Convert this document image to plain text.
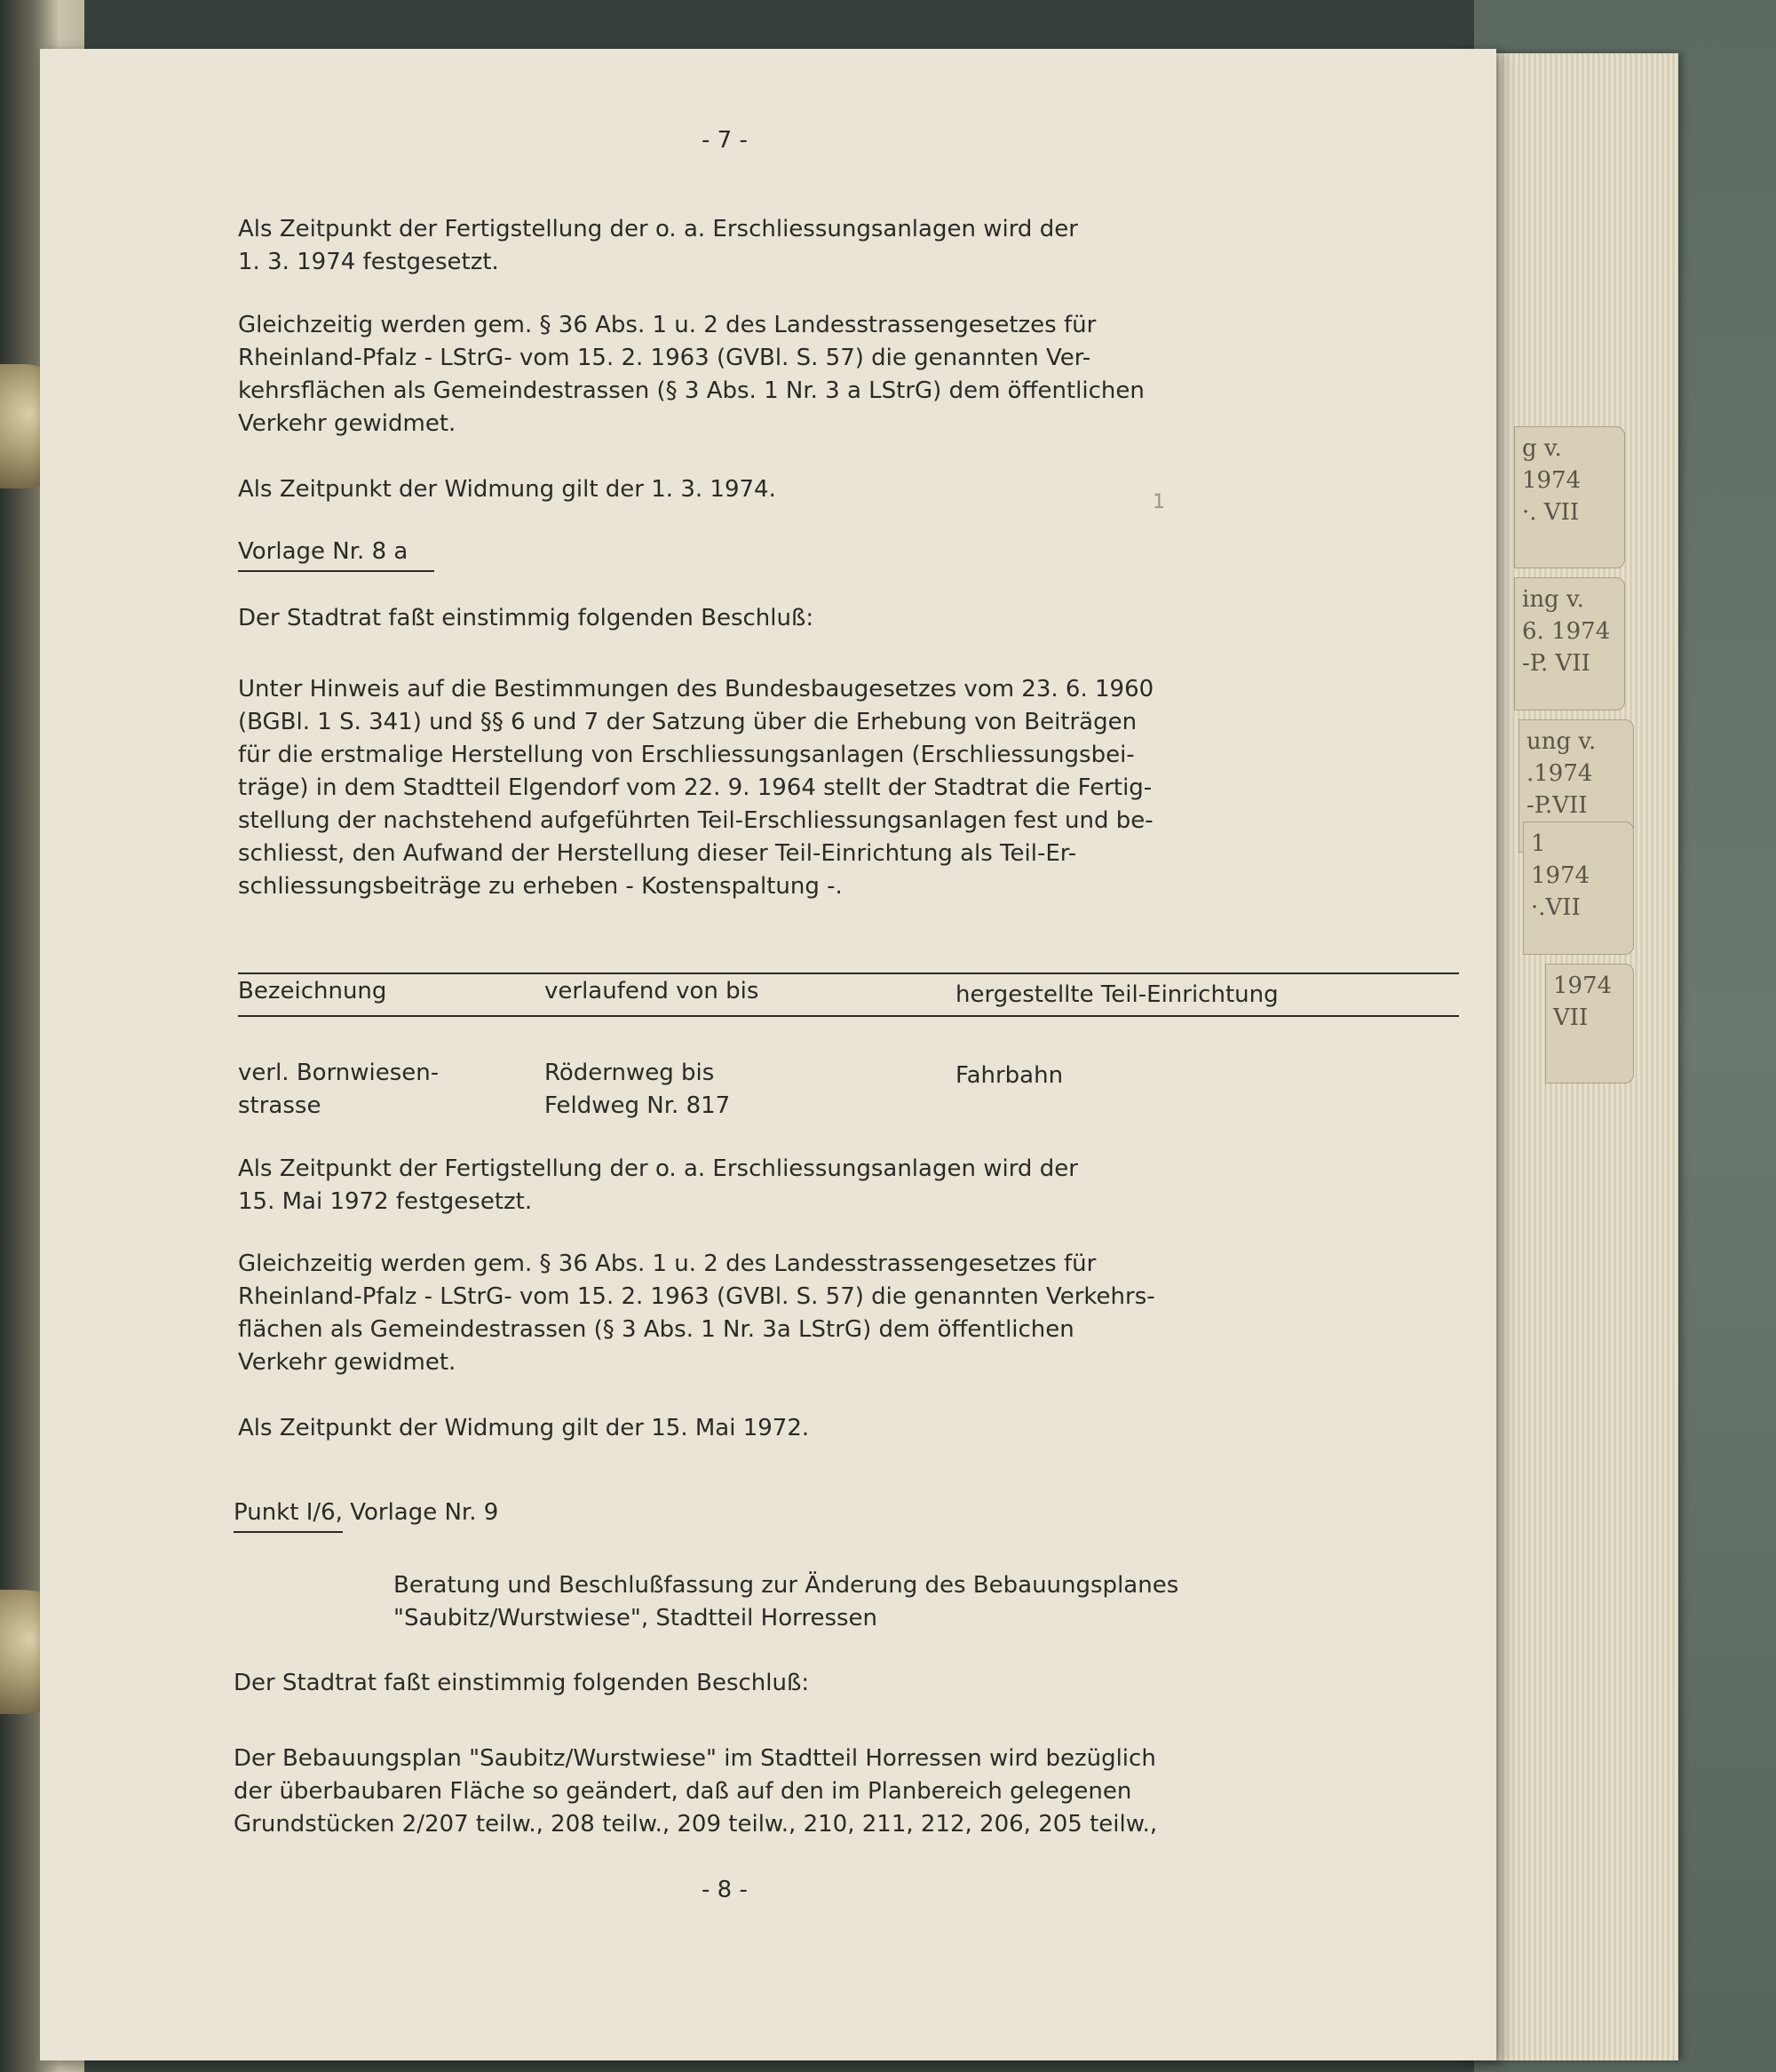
g v.
1974
·. VII
ing v.
6. 1974
-P. VII
ung v.
.1974
-P.VII
1
1974
·.VII
1974
VII
- 7 -

Als Zeitpunkt der Fertigstellung der o. a. Erschliessungsanlagen wird der
1. 3. 1974 festgesetzt.

Gleichzeitig werden gem. § 36 Abs. 1 u. 2 des Landesstrassengesetzes für
Rheinland-Pfalz - LStrG- vom 15. 2. 1963 (GVBl. S. 57) die genannten Ver-
kehrsflächen als Gemeindestrassen (§ 3 Abs. 1 Nr. 3 a LStrG) dem öffentlichen
Verkehr gewidmet.

Als Zeitpunkt der Widmung gilt der 1. 3. 1974.

Vorlage Nr. 8 a

Der Stadtrat faßt einstimmig folgenden Beschluß:

Unter Hinweis auf die Bestimmungen des Bundesbaugesetzes vom 23. 6. 1960
(BGBl. 1 S. 341) und §§ 6 und 7 der Satzung über die Erhebung von Beiträgen
für die erstmalige Herstellung von Erschliessungsanlagen (Erschliessungsbei-
träge) in dem Stadtteil Elgendorf vom 22. 9. 1964 stellt der Stadtrat die Fertig-
stellung der nachstehend aufgeführten Teil-Erschliessungsanlagen fest und be-
schliesst, den Aufwand der Herstellung dieser Teil-Einrichtung als Teil-Er-
schliessungsbeiträge zu erheben - Kostenspaltung -.

Bezeichnung	verlaufend von bis	hergestellte Teil-Einrichtung
verl. Bornwiesen-
strasse
Rödernweg bis
Feldweg Nr. 817
Fahrbahn

Als Zeitpunkt der Fertigstellung der o. a. Erschliessungsanlagen wird der
15. Mai 1972 festgesetzt.

Gleichzeitig werden gem. § 36 Abs. 1 u. 2 des Landesstrassengesetzes für
Rheinland-Pfalz - LStrG- vom 15. 2. 1963 (GVBl. S. 57) die genannten Verkehrs-
flächen als Gemeindestrassen (§ 3 Abs. 1 Nr. 3a LStrG) dem öffentlichen
Verkehr gewidmet.

Als Zeitpunkt der Widmung gilt der 15. Mai 1972.

Punkt I/6, Vorlage Nr. 9

Beratung und Beschlußfassung zur Änderung des Bebauungsplanes
"Saubitz/Wurstwiese", Stadtteil Horressen

Der Stadtrat faßt einstimmig folgenden Beschluß:

Der Bebauungsplan "Saubitz/Wurstwiese" im Stadtteil Horressen wird bezüglich
der überbaubaren Fläche so geändert, daß auf den im Planbereich gelegenen
Grundstücken 2/207 teilw., 208 teilw., 209 teilw., 210, 211, 212, 206, 205 teilw.,

- 8 -
1
